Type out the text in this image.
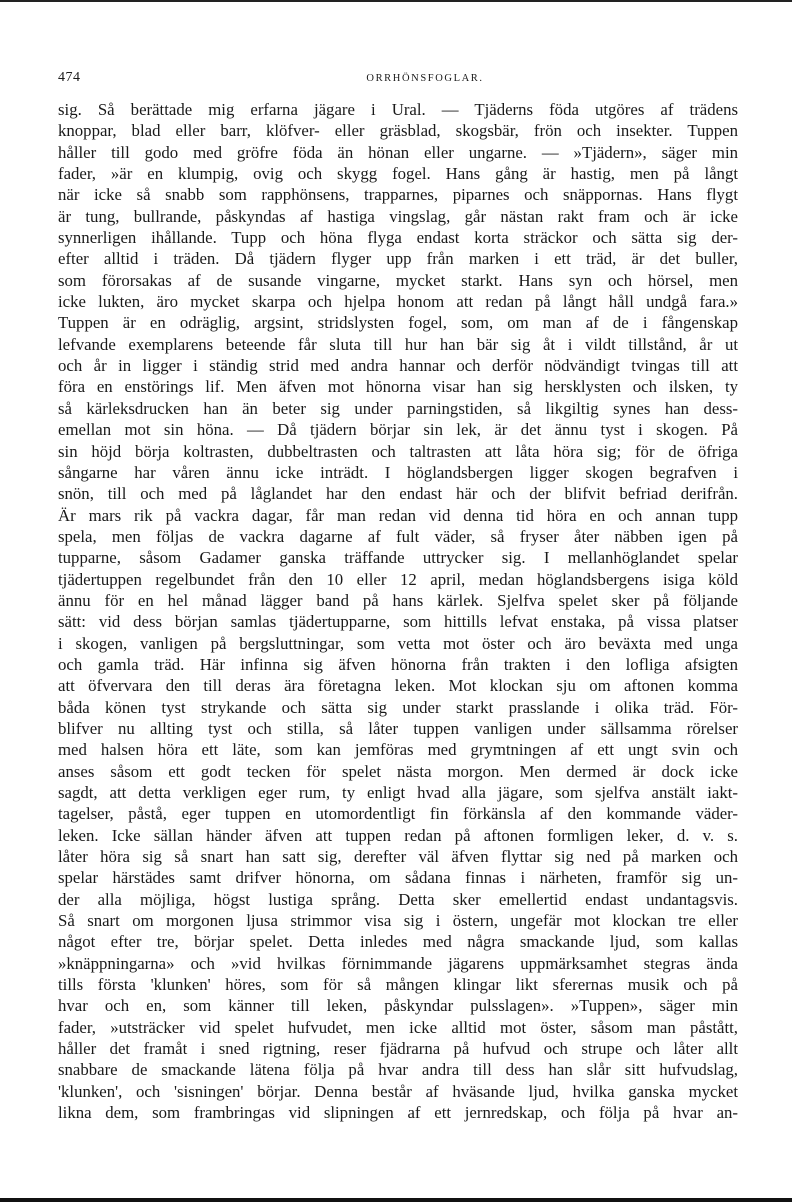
474	ORRHÖNSFOGLAR.
sig. Så berättade mig erfarna jägare i Ural. — Tjäderns föda utgöres af trädens
knoppar, blad eller barr, klöfver- eller gräsblad, skogsbär, frön och insekter. Tuppen
håller till godo med gröfre föda än hönan eller ungarne. — »Tjädern», säger min
fader, »är en klumpig, ovig och skygg fogel. Hans gång är hastig, men på långt
när icke så snabb som rapphönsens, trapparnes, piparnes och snäppornas. Hans flygt
är tung, bullrande, påskyndas af hastiga vingslag, går nästan rakt fram och är icke
synnerligen ihållande. Tupp och höna flyga endast korta sträckor och sätta sig der-
efter alltid i träden. Då tjädern flyger upp från marken i ett träd, är det buller,
som förorsakas af de susande vingarne, mycket starkt. Hans syn och hörsel, men
icke lukten, äro mycket skarpa och hjelpa honom att redan på långt håll undgå fara.»
Tuppen är en odräglig, argsint, stridslysten fogel, som, om man af de i fångenskap
lefvande exemplarens beteende får sluta till hur han bär sig åt i vildt tillstånd, år ut
och år in ligger i ständig strid med andra hannar och derför nödvändigt tvingas till att
föra en enstörings lif. Men äfven mot hönorna visar han sig hersklysten och ilsken, ty
så kärleksdrucken han än beter sig under parningstiden, så likgiltig synes han dess-
emellan mot sin höna. — Då tjädern börjar sin lek, är det ännu tyst i skogen. På
sin höjd börja koltrasten, dubbeltrasten och taltrasten att låta höra sig; för de öfriga
sångarne har våren ännu icke inträdt. I höglandsbergen ligger skogen begrafven i
snön, till och med på låglandet har den endast här och der blifvit befriad derifrån.
Är mars rik på vackra dagar, får man redan vid denna tid höra en och annan tupp
spela, men följas de vackra dagarne af fult väder, så fryser åter näbben igen på
tupparne, såsom Gadamer ganska träffande uttrycker sig. I mellanhöglandet spelar
tjädertuppen regelbundet från den 10 eller 12 april, medan höglandsbergens isiga köld
ännu för en hel månad lägger band på hans kärlek. Sjelfva spelet sker på följande
sätt: vid dess början samlas tjädertupparne, som hittills lefvat enstaka, på vissa platser
i skogen, vanligen på bergsluttningar, som vetta mot öster och äro beväxta med unga
och gamla träd. Här infinna sig äfven hönorna från trakten i den lofliga afsigten
att öfvervara den till deras ära företagna leken. Mot klockan sju om aftonen komma
båda könen tyst strykande och sätta sig under starkt prasslande i olika träd. För-
blifver nu allting tyst och stilla, så låter tuppen vanligen under sällsamma rörelser
med halsen höra ett läte, som kan jemföras med grymtningen af ett ungt svin och
anses såsom ett godt tecken för spelet nästa morgon. Men dermed är dock icke
sagdt, att detta verkligen eger rum, ty enligt hvad alla jägare, som sjelfva anstält iakt-
tagelser, påstå, eger tuppen en utomordentligt fin förkänsla af den kommande väder-
leken. Icke sällan händer äfven att tuppen redan på aftonen formligen leker, d. v. s.
låter höra sig så snart han satt sig, derefter väl äfven flyttar sig ned på marken och
spelar härstädes samt drifver hönorna, om sådana finnas i närheten, framför sig un-
der alla möjliga, högst lustiga språng. Detta sker emellertid endast undantagsvis.
Så snart om morgonen ljusa strimmor visa sig i östern, ungefär mot klockan tre eller
något efter tre, börjar spelet. Detta inledes med några smackande ljud, som kallas
»knäppningarna» och »vid hvilkas förnimmande jägarens uppmärksamhet stegras ända
tills första 'klunken' höres, som för så mången klingar likt sferernas musik och på
hvar och en, som känner till leken, påskyndar pulsslagen». »Tuppen», säger min
fader, »utsträcker vid spelet hufvudet, men icke alltid mot öster, såsom man påstått,
håller det framåt i sned rigtning, reser fjädrarna på hufvud och strupe och låter allt
snabbare de smackande lätena följa på hvar andra till dess han slår sitt hufvudslag,
'klunken', och 'sisningen' börjar. Denna består af hväsande ljud, hvilka ganska mycket
likna dem, som frambringas vid slipningen af ett jernredskap, och följa på hvar an-
